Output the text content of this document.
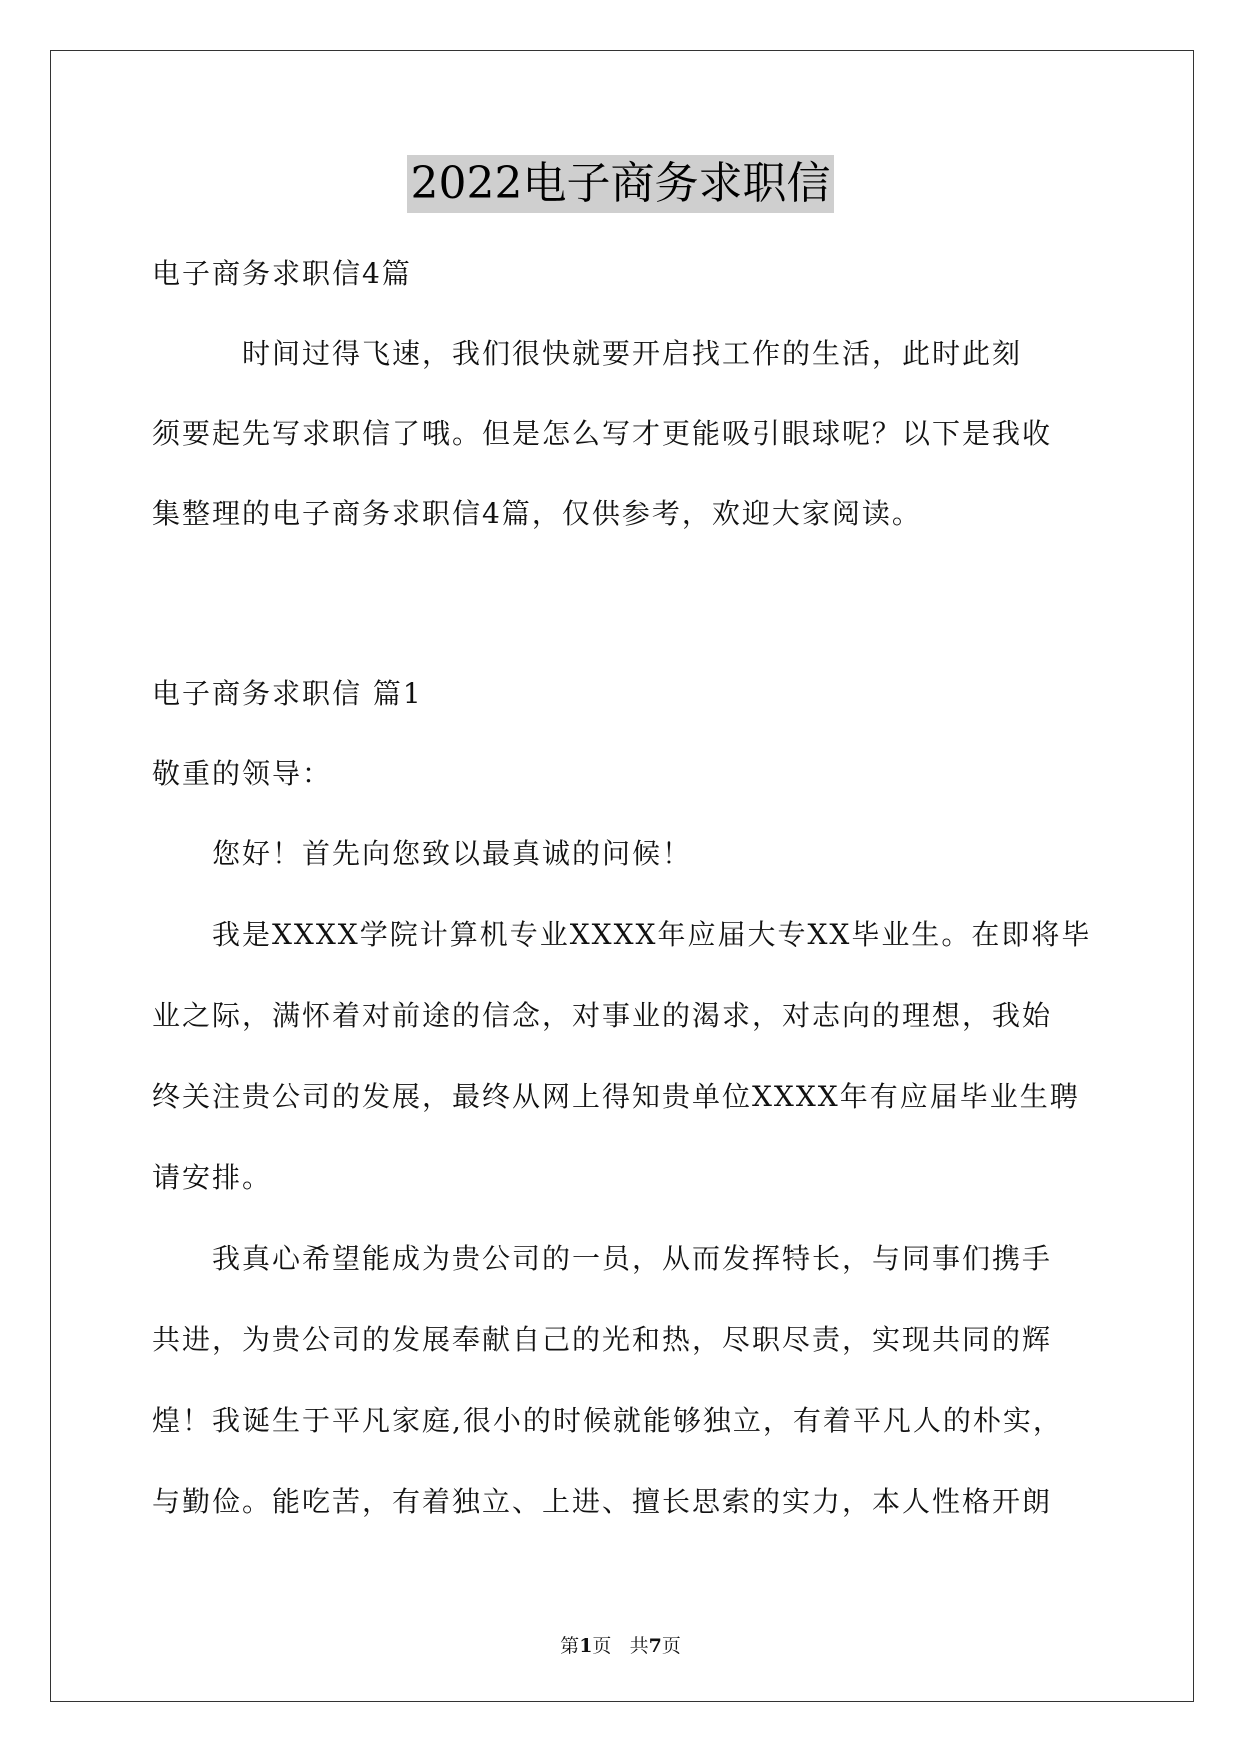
2022电子商务求职信
电子商务求职信4篇
　　　时间过得飞速，我们很快就要开启找工作的生活，此时此刻
须要起先写求职信了哦。但是怎么写才更能吸引眼球呢？以下是我收
集整理的电子商务求职信4篇，仅供参考，欢迎大家阅读。
电子商务求职信 篇1
敬重的领导：
　　您好！首先向您致以最真诚的问候！
　　我是XXXX学院计算机专业XXXX年应届大专XX毕业生。在即将毕
业之际，满怀着对前途的信念，对事业的渴求，对志向的理想，我始
终关注贵公司的发展，最终从网上得知贵单位XXXX年有应届毕业生聘
请安排。
　　我真心希望能成为贵公司的一员，从而发挥特长，与同事们携手
共进，为贵公司的发展奉献自己的光和热，尽职尽责，实现共同的辉
煌！我诞生于平凡家庭,很小的时候就能够独立，有着平凡人的朴实，
与勤俭。能吃苦，有着独立、上进、擅长思索的实力，本人性格开朗
第1页 共7页
